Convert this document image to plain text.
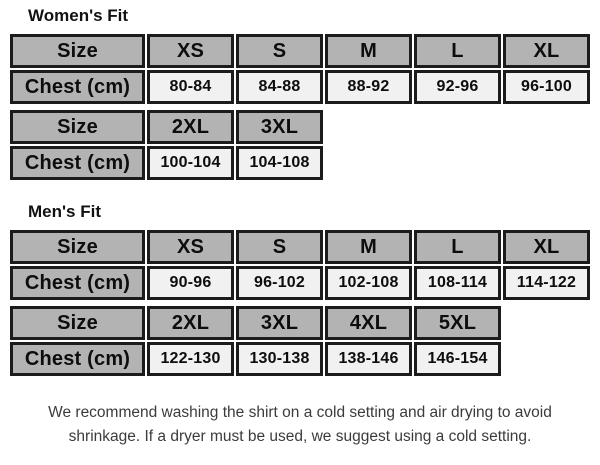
Women's Fit
Size	XS	S	M	L	XL
Chest (cm)	80-84	84-88	88-92	92-96	96-100
Size	2XL	3XL
Chest (cm)	100-104	104-108
Men's Fit
Size	XS	S	M	L	XL
Chest (cm)	90-96	96-102	102-108	108-114	114-122
Size	2XL	3XL	4XL	5XL
Chest (cm)	122-130	130-138	138-146	146-154
We recommend washing the shirt on a cold setting and air drying to avoid
shrinkage. If a dryer must be used, we suggest using a cold setting.
